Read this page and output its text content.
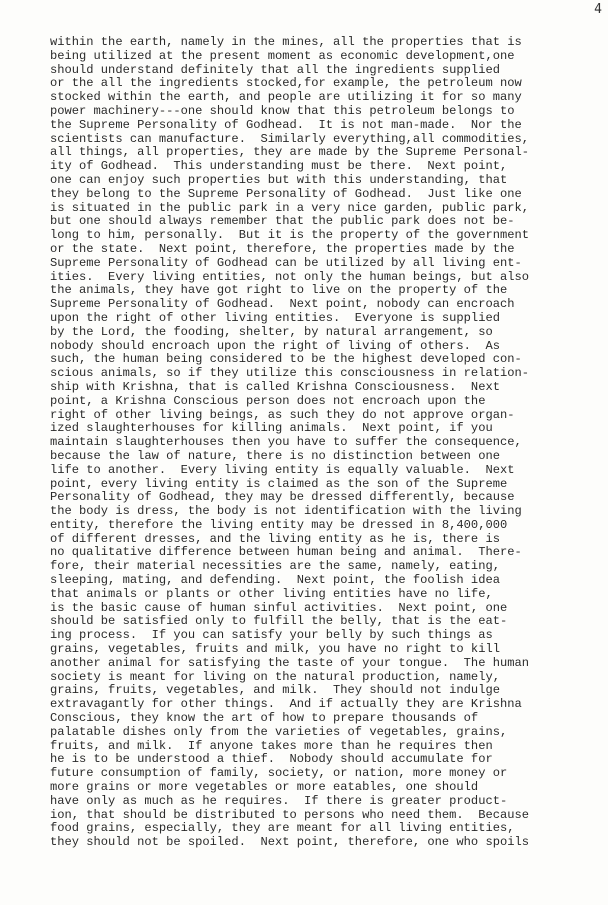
4
within the earth, namely in the mines, all the properties that is
being utilized at the present moment as economic development,one
should understand definitely that all the ingredients supplied
or the all the ingredients stocked,for example, the petroleum now
stocked within the earth, and people are utilizing it for so many
power machinery---one should know that this petroleum belongs to
the Supreme Personality of Godhead.  It is not man-made.  Nor the
scientists can manufacture.  Similarly everything,all commodities,
all things, all properties, they are made by the Supreme Personal-
ity of Godhead.  This understanding must be there.  Next point,
one can enjoy such properties but with this understanding, that
they belong to the Supreme Personality of Godhead.  Just like one
is situated in the public park in a very nice garden, public park,
but one should always remember that the public park does not be-
long to him, personally.  But it is the property of the government
or the state.  Next point, therefore, the properties made by the
Supreme Personality of Godhead can be utilized by all living ent-
ities.  Every living entities, not only the human beings, but also
the animals, they have got right to live on the property of the
Supreme Personality of Godhead.  Next point, nobody can encroach
upon the right of other living entities.  Everyone is supplied
by the Lord, the fooding, shelter, by natural arrangement, so
nobody should encroach upon the right of living of others.  As
such, the human being considered to be the highest developed con-
scious animals, so if they utilize this consciousness in relation-
ship with Krishna, that is called Krishna Consciousness.  Next
point, a Krishna Conscious person does not encroach upon the
right of other living beings, as such they do not approve organ-
ized slaughterhouses for killing animals.  Next point, if you
maintain slaughterhouses then you have to suffer the consequence,
because the law of nature, there is no distinction between one
life to another.  Every living entity is equally valuable.  Next
point, every living entity is claimed as the son of the Supreme
Personality of Godhead, they may be dressed differently, because
the body is dress, the body is not identification with the living
entity, therefore the living entity may be dressed in 8,400,000
of different dresses, and the living entity as he is, there is
no qualitative difference between human being and animal.  There-
fore, their material necessities are the same, namely, eating,
sleeping, mating, and defending.  Next point, the foolish idea
that animals or plants or other living entities have no life,
is the basic cause of human sinful activities.  Next point, one
should be satisfied only to fulfill the belly, that is the eat-
ing process.  If you can satisfy your belly by such things as
grains, vegetables, fruits and milk, you have no right to kill
another animal for satisfying the taste of your tongue.  The human
society is meant for living on the natural production, namely,
grains, fruits, vegetables, and milk.  They should not indulge
extravagantly for other things.  And if actually they are Krishna
Conscious, they know the art of how to prepare thousands of
palatable dishes only from the varieties of vegetables, grains,
fruits, and milk.  If anyone takes more than he requires then
he is to be understood a thief.  Nobody should accumulate for
future consumption of family, society, or nation, more money or
more grains or more vegetables or more eatables, one should
have only as much as he requires.  If there is greater product-
ion, that should be distributed to persons who need them.  Because
food grains, especially, they are meant for all living entities,
they should not be spoiled.  Next point, therefore, one who spoils
